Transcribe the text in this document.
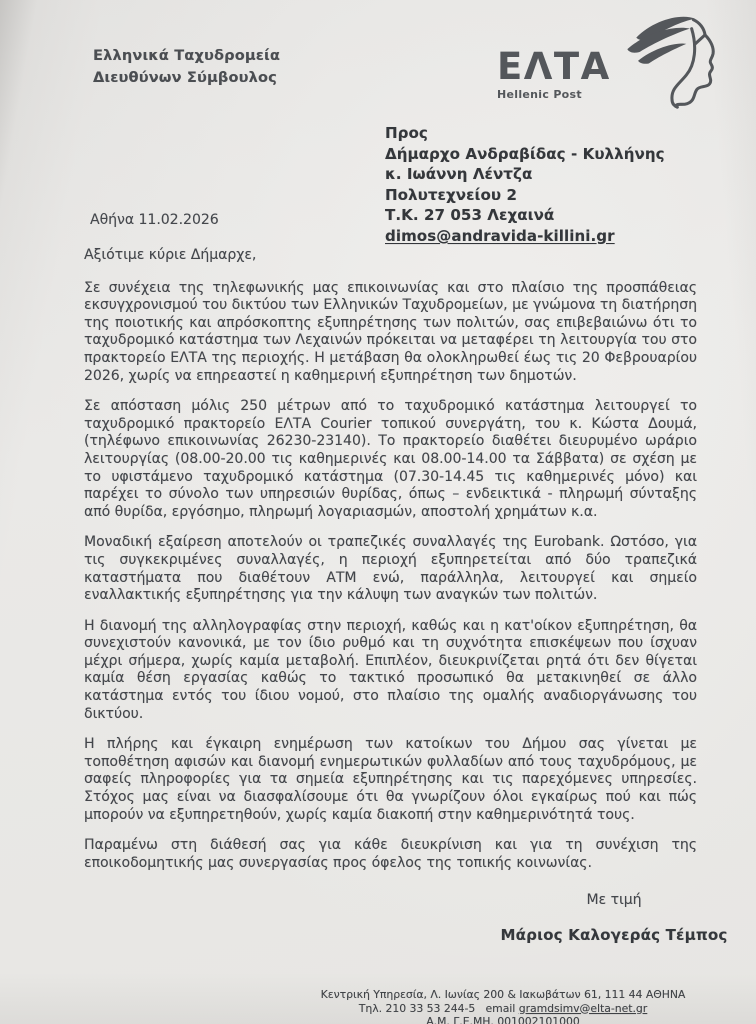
Ελληνικά Ταχυδρομεία
Διευθύνων Σύμβουλος	ΕΛΤΑ
Hellenic Post
Προς
Δήμαρχο Ανδραβίδας - Κυλλήνης
κ. Ιωάννη Λέντζα
Πολυτεχνείου 2
Τ.Κ. 27 053 Λεχαινά
dimos@andravida-killini.gr
Αθήνα 11.02.2026

Αξιότιμε κύριε Δήμαρχε,

Σε συνέχεια της τηλεφωνικής μας επικοινωνίας και στο πλαίσιο της προσπάθειας εκσυγχρονισμού του δικτύου των Ελληνικών Ταχυδρομείων, με γνώμονα τη διατήρηση της ποιοτικής και απρόσκοπτης εξυπηρέτησης των πολιτών, σας επιβεβαιώνω ότι το ταχυδρομικό κατάστημα των Λεχαινών πρόκειται να μεταφέρει τη λειτουργία του στο πρακτορείο ΕΛΤΑ της περιοχής. Η μετάβαση θα ολοκληρωθεί έως τις 20 Φεβρουαρίου 2026, χωρίς να επηρεαστεί η καθημερινή εξυπηρέτηση των δημοτών.

Σε απόσταση μόλις 250 μέτρων από το ταχυδρομικό κατάστημα λειτουργεί το ταχυδρομικό πρακτορείο ΕΛΤΑ Courier τοπικού συνεργάτη, του κ. Κώστα Δουμά, (τηλέφωνο επικοινωνίας 26230-23140). Το πρακτορείο διαθέτει διευρυμένο ωράριο λειτουργίας (08.00-20.00 τις καθημερινές και 08.00-14.00 τα Σάββατα) σε σχέση με το υφιστάμενο ταχυδρομικό κατάστημα (07.30-14.45 τις καθημερινές μόνο) και παρέχει το σύνολο των υπηρεσιών θυρίδας, όπως – ενδεικτικά - πληρωμή σύνταξης από θυρίδα, εργόσημο, πληρωμή λογαριασμών, αποστολή χρημάτων κ.α.

Μοναδική εξαίρεση αποτελούν οι τραπεζικές συναλλαγές της Eurobank. Ωστόσο, για τις συγκεκριμένες συναλλαγές, η περιοχή εξυπηρετείται από δύο τραπεζικά καταστήματα που διαθέτουν ΑΤΜ ενώ, παράλληλα, λειτουργεί και σημείο εναλλακτικής εξυπηρέτησης για την κάλυψη των αναγκών των πολιτών.

Η διανομή της αλληλογραφίας στην περιοχή, καθώς και η κατ'οίκον εξυπηρέτηση, θα συνεχιστούν κανονικά, με τον ίδιο ρυθμό και τη συχνότητα επισκέψεων που ίσχυαν μέχρι σήμερα, χωρίς καμία μεταβολή. Επιπλέον, διευκρινίζεται ρητά ότι δεν θίγεται καμία θέση εργασίας καθώς το τακτικό προσωπικό θα μετακινηθεί σε άλλο κατάστημα εντός του ίδιου νομού, στο πλαίσιο της ομαλής αναδιοργάνωσης του δικτύου.

Η πλήρης και έγκαιρη ενημέρωση των κατοίκων του Δήμου σας γίνεται με τοποθέτηση αφισών και διανομή ενημερωτικών φυλλαδίων από τους ταχυδρόμους, με σαφείς πληροφορίες για τα σημεία εξυπηρέτησης και τις παρεχόμενες υπηρεσίες. Στόχος μας είναι να διασφαλίσουμε ότι θα γνωρίζουν όλοι εγκαίρως πού και πώς μπορούν να εξυπηρετηθούν, χωρίς καμία διακοπή στην καθημερινότητά τους.

Παραμένω στη διάθεσή σας για κάθε διευκρίνιση και για τη συνέχιση της εποικοδομητικής μας συνεργασίας προς όφελος της τοπικής κοινωνίας.

Με τιμή

Μάριος Καλογεράς Τέμπος

Κεντρική Υπηρεσία, Λ. Ιωνίας 200 & Ιακωβάτων 61, 111 44 ΑΘΗΝΑ
Τηλ. 210 33 53 244-5 email gramdsimv@elta-net.gr
Α.Μ. Γ.Ε.ΜΗ. 001002101000
